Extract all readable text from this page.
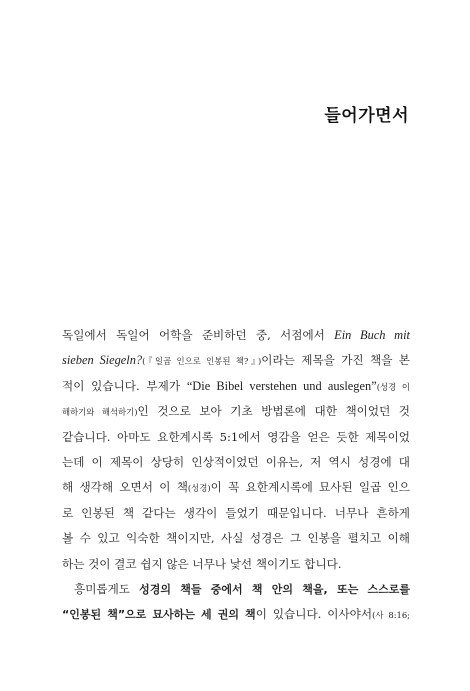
들어가면서
독일에서 독일어 어학을 준비하던 중, 서점에서 Ein Buch mit
sieben Siegeln?(『일곱 인으로 인봉된 책?』)이라는 제목을 가진 책을 본
적이 있습니다. 부제가 “Die Bibel verstehen und auslegen”(성경 이
해하기와 해석하기)인 것으로 보아 기초 방법론에 대한 책이었던 것
같습니다. 아마도 요한계시록 5:1에서 영감을 얻은 듯한 제목이었
는데 이 제목이 상당히 인상적이었던 이유는, 저 역시 성경에 대
해 생각해 오면서 이 책(성경)이 꼭 요한계시록에 묘사된 일곱 인으
로 인봉된 책 같다는 생각이 들었기 때문입니다. 너무나 흔하게
볼 수 있고 익숙한 책이지만, 사실 성경은 그 인봉을 펼치고 이해
하는 것이 결코 쉽지 않은 너무나 낯선 책이기도 합니다.
흥미롭게도 성경의 책들 중에서 책 안의 책을, 또는 스스로를
“인봉된 책”으로 묘사하는 세 권의 책이 있습니다. 이사야서(사 8:16;
